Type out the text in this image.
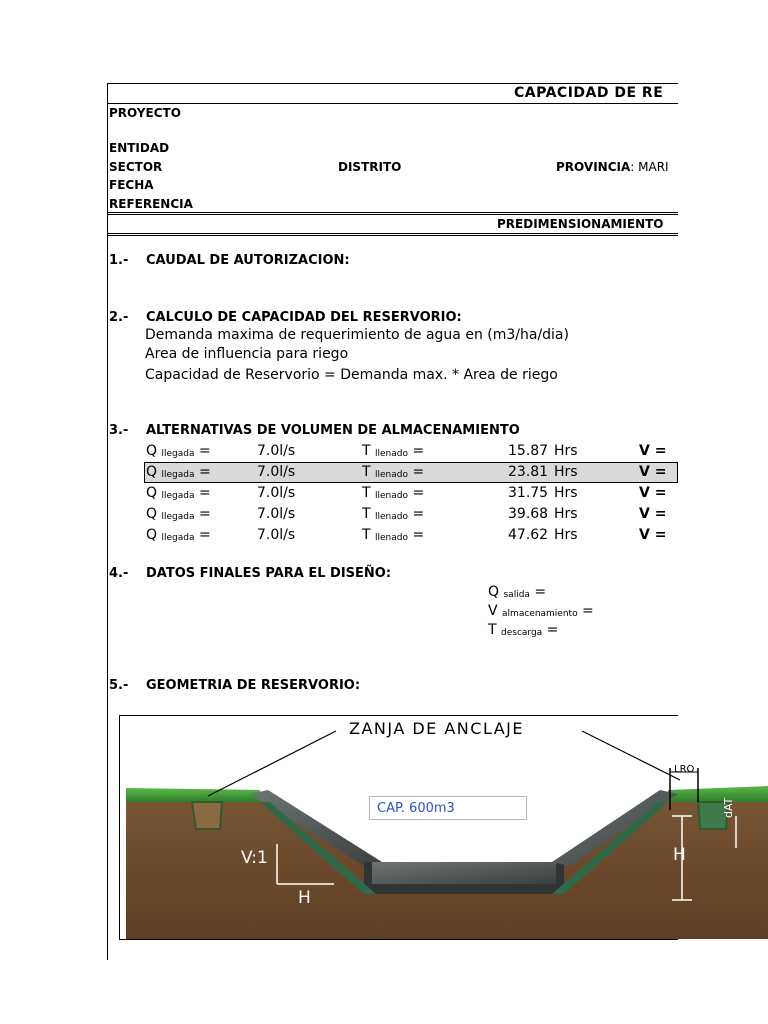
CAPACIDAD DE RE
PROYECTO
ENTIDAD
SECTOR	DISTRITO	PROVINCIA: MARI
FECHA
REFERENCIA
PREDIMENSIONAMIENTO
1.- CAUDAL DE AUTORIZACION:
2.- CALCULO DE CAPACIDAD DEL RESERVORIO:
Demanda maxima de requerimiento de agua en (m3/ha/dia)
Area de influencia para riego
Capacidad de Reservorio = Demanda max. * Area de riego
3.- ALTERNATIVAS DE VOLUMEN DE ALMACENAMIENTO
Q $_{llegada}$ =	7.0l/s	T $_{llenado}$ =	15.87 Hrs	V =
Q $_{llegada}$ =	7.0l/s	T $_{llenado}$ =	23.81 Hrs	V =
Q $_{llegada}$ =	7.0l/s	T $_{llenado}$ =	31.75 Hrs	V =
Q $_{llegada}$ =	7.0l/s	T $_{llenado}$ =	39.68 Hrs	V =
Q $_{llegada}$ =	7.0l/s	T $_{llenado}$ =	47.62 Hrs	V =
4.- DATOS FINALES PARA EL DISEÑO:
Q $_{salida}$ =
V $_{almacenamiento}$ =
T $_{descarga}$ =
5.- GEOMETRIA DE RESERVORIO:
ZANJA DE ANCLAJE
CAP. 600m3
V:1
H
H
LRO
dAT
